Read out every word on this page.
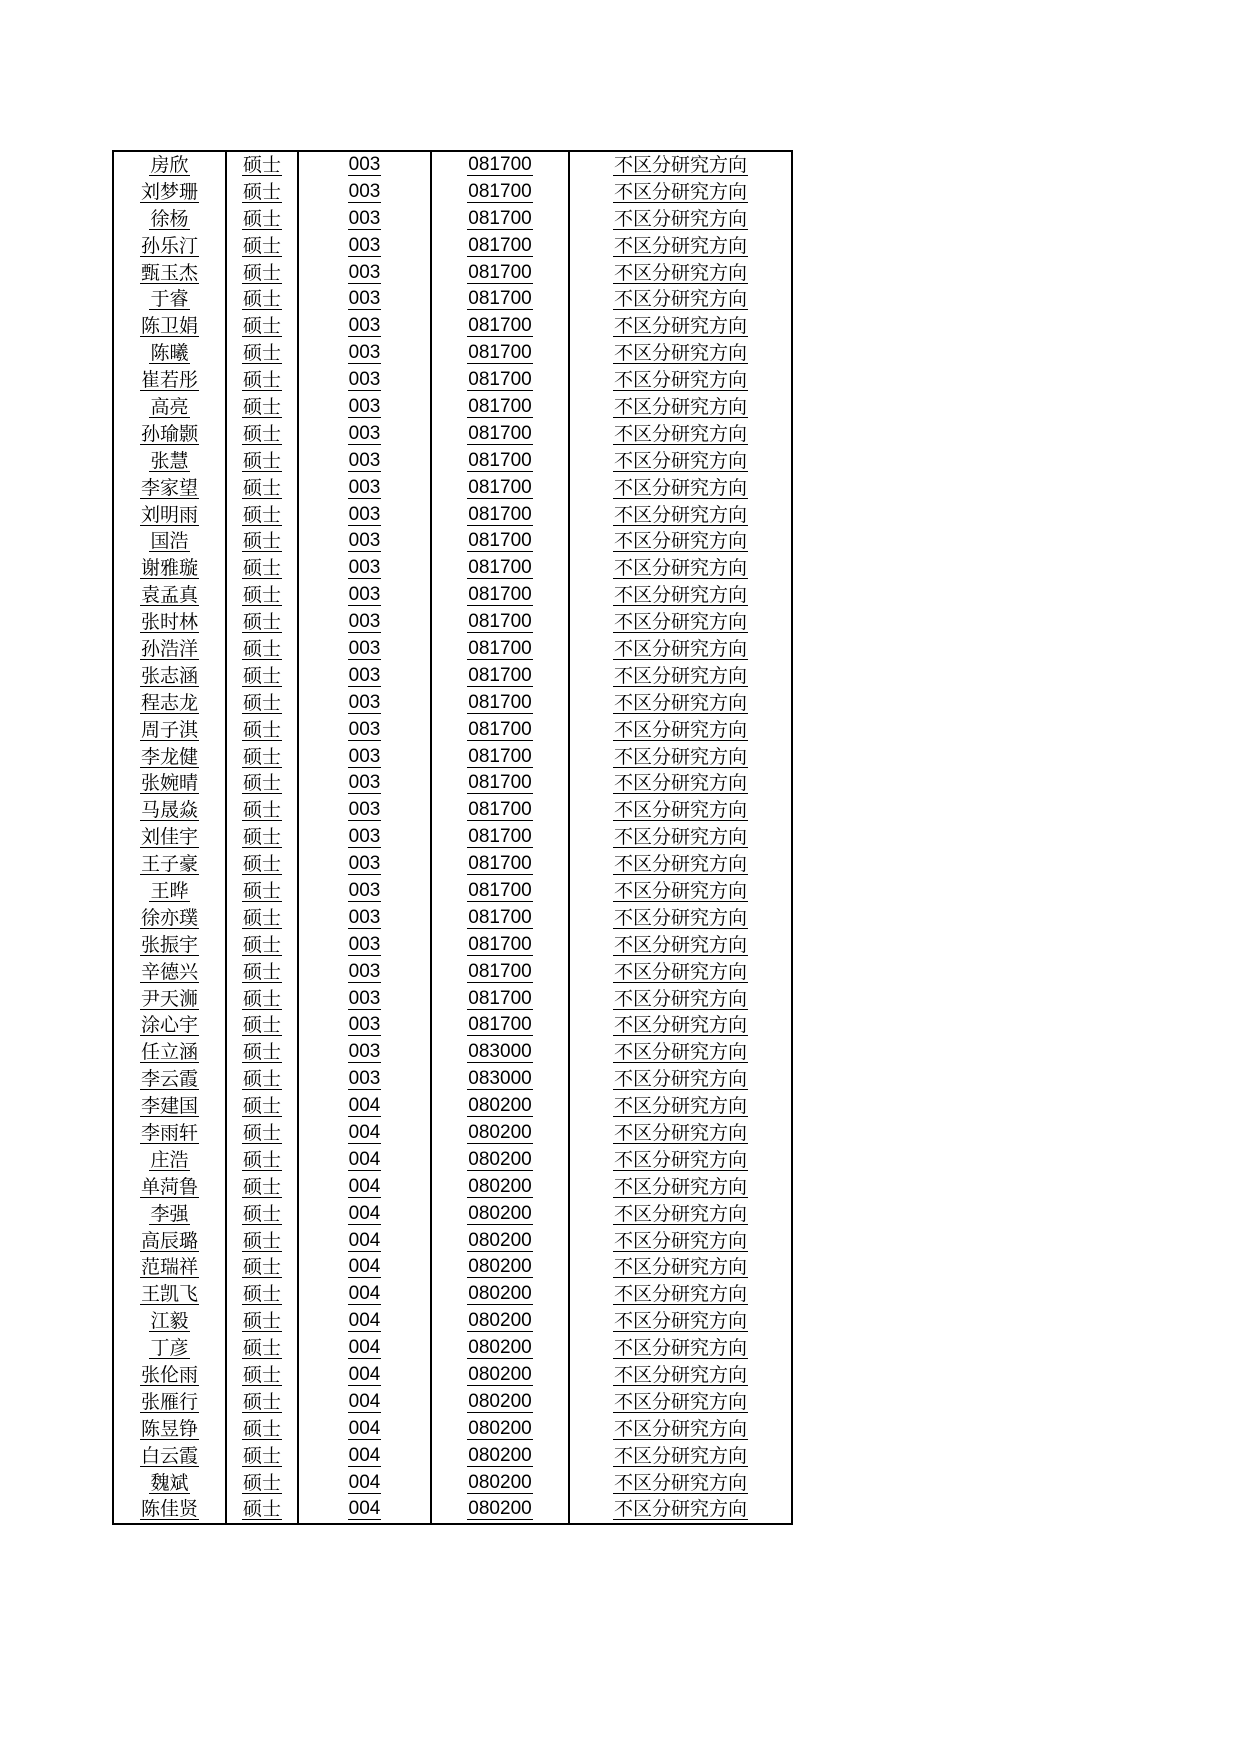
房欣	硕士	003	081700	不区分研究方向
刘梦珊	硕士	003	081700	不区分研究方向
徐杨	硕士	003	081700	不区分研究方向
孙乐汀	硕士	003	081700	不区分研究方向
甄玉杰	硕士	003	081700	不区分研究方向
于睿	硕士	003	081700	不区分研究方向
陈卫娟	硕士	003	081700	不区分研究方向
陈曦	硕士	003	081700	不区分研究方向
崔若彤	硕士	003	081700	不区分研究方向
高亮	硕士	003	081700	不区分研究方向
孙瑜颢	硕士	003	081700	不区分研究方向
张慧	硕士	003	081700	不区分研究方向
李家望	硕士	003	081700	不区分研究方向
刘明雨	硕士	003	081700	不区分研究方向
国浩	硕士	003	081700	不区分研究方向
谢雅璇	硕士	003	081700	不区分研究方向
袁孟真	硕士	003	081700	不区分研究方向
张时林	硕士	003	081700	不区分研究方向
孙浩洋	硕士	003	081700	不区分研究方向
张志涵	硕士	003	081700	不区分研究方向
程志龙	硕士	003	081700	不区分研究方向
周子淇	硕士	003	081700	不区分研究方向
李龙健	硕士	003	081700	不区分研究方向
张婉晴	硕士	003	081700	不区分研究方向
马晟焱	硕士	003	081700	不区分研究方向
刘佳宇	硕士	003	081700	不区分研究方向
王子豪	硕士	003	081700	不区分研究方向
王晔	硕士	003	081700	不区分研究方向
徐亦璞	硕士	003	081700	不区分研究方向
张振宇	硕士	003	081700	不区分研究方向
辛德兴	硕士	003	081700	不区分研究方向
尹天浉	硕士	003	081700	不区分研究方向
涂心宇	硕士	003	081700	不区分研究方向
任立涵	硕士	003	083000	不区分研究方向
李云霞	硕士	003	083000	不区分研究方向
李建国	硕士	004	080200	不区分研究方向
李雨轩	硕士	004	080200	不区分研究方向
庄浩	硕士	004	080200	不区分研究方向
单菏鲁	硕士	004	080200	不区分研究方向
李强	硕士	004	080200	不区分研究方向
高辰璐	硕士	004	080200	不区分研究方向
范瑞祥	硕士	004	080200	不区分研究方向
王凯飞	硕士	004	080200	不区分研究方向
江毅	硕士	004	080200	不区分研究方向
丁彦	硕士	004	080200	不区分研究方向
张伦雨	硕士	004	080200	不区分研究方向
张雁行	硕士	004	080200	不区分研究方向
陈昱铮	硕士	004	080200	不区分研究方向
白云霞	硕士	004	080200	不区分研究方向
魏斌	硕士	004	080200	不区分研究方向
陈佳贤	硕士	004	080200	不区分研究方向
